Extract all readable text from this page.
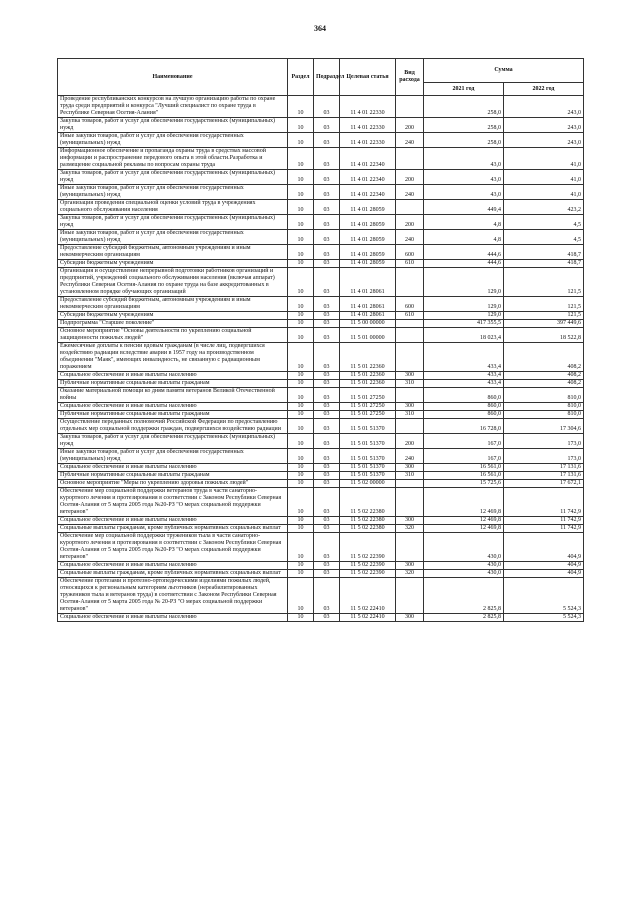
364
Наименование	Раздел	Подраздел	Целевая статья	Вид расхода	Сумма	
					2021 год	2022 год
Проведение республиканских конкурсов на лучшую организацию работы по охране труда среди предприятий и конкурса "Лучший специалист по охране труда в Республике Северная Осетия-Алания"	10	03	11 4 01 22330		258,0	243,0
Закупка товаров, работ и услуг для обеспечения государственных (муниципальных) нужд	10	03	11 4 01 22330	200	258,0	243,0
Иные закупки товаров, работ и услуг для обеспечения государственных (муниципальных) нужд	10	03	11 4 01 22330	240	258,0	243,0
Информационное обеспечение и пропаганда охраны труда в средствах массовой информации и распространение передового опыта в этой области.Разработка и размещение социальной рекламы по вопросам охраны труда	10	03	11 4 01 22340		43,0	41,0
Закупка товаров, работ и услуг для обеспечения государственных (муниципальных) нужд	10	03	11 4 01 22340	200	43,0	41,0
Иные закупки товаров, работ и услуг для обеспечения государственных (муниципальных) нужд	10	03	11 4 01 22340	240	43,0	41,0
Организация проведения специальной оценки условий труда в учреждениях социального обслуживания населения	10	03	11 4 01 28059		449,4	423,2
Закупка товаров, работ и услуг для обеспечения государственных (муниципальных) нужд	10	03	11 4 01 28059	200	4,8	4,5
Иные закупки товаров, работ и услуг для обеспечения государственных (муниципальных) нужд	10	03	11 4 01 28059	240	4,8	4,5
Предоставление субсидий бюджетным, автономным учреждениям и иным некоммерческим организациям	10	03	11 4 01 28059	600	444,6	418,7
Субсидии бюджетным учреждениям	10	03	11 4 01 28059	610	444,6	418,7
Организация и осуществление непрерывной подготовки работников организаций и предприятий, учреждений социального обслуживания населения (включая аппарат) Республики Северная Осетия-Алания по охране труда на базе аккредитованных в установленном порядке обучающих организаций	10	03	11 4 01 28061		129,0	121,5
Предоставление субсидий бюджетным, автономным учреждениям и иным некоммерческим организациям	10	03	11 4 01 28061	600	129,0	121,5
Субсидии бюджетным учреждениям	10	03	11 4 01 28061	610	129,0	121,5
Подпрограмма "Старшее поколение"	10	03	11 5 00 00000		417 355,5	397 449,6
Основное мероприятие "Основы деятельности по укреплению социальной защищенности пожилых людей"	10	03	11 5 01 00000		18 023,4	18 522,8
Ежемесячные доплаты к пенсии вдовым гражданам (в числе лиц, подвергшихся воздействию радиации вследствие аварии в 1957 году на производственном объединении "Маяк", имеющих инвалидность, не связанную с радиационным поражением	10	03	11 5 01 22360		433,4	408,2
Социальное обеспечение и иные выплаты населению	10	03	11 5 01 22360	300	433,4	408,2
Публичные нормативные социальные выплаты гражданам	10	03	11 5 01 22360	310	433,4	408,2
Оказание материальной помощи ко дням памяти ветеранов Великой Отечественной войны	10	03	11 5 01 27250		860,0	810,0
Социальное обеспечение и иные выплаты населению	10	03	11 5 01 27250	300	860,0	810,0
Публичные нормативные социальные выплаты гражданам	10	03	11 5 01 27250	310	860,0	810,0
Осуществление переданных полномочий Российской Федерации по предоставлению отдельных мер социальной поддержки граждан, подвергшихся воздействию радиации	10	03	11 5 01 51370		16 728,0	17 304,6
Закупка товаров, работ и услуг для обеспечения государственных (муниципальных) нужд	10	03	11 5 01 51370	200	167,0	173,0
Иные закупки товаров, работ и услуг для обеспечения государственных (муниципальных) нужд	10	03	11 5 01 51370	240	167,0	173,0
Социальное обеспечение и иные выплаты населению	10	03	11 5 01 51370	300	16 561,0	17 131,6
Публичные нормативные социальные выплаты гражданам	10	03	11 5 01 51370	310	16 561,0	17 131,6
Основное мероприятие "Меры по укреплению здоровья пожилых людей"	10	03	11 5 02 00000		15 725,6	17 672,1
Обеспечение мер социальной поддержки ветеранов труда в части санаторно-курортного лечения и протезирования в соответствии с Законом Республики Северная Осетия-Алания от 5 марта 2005 года №20-РЗ "О мерах социальной поддержки ветеранов"	10	03	11 5 02 22380		12 469,8	11 742,9
Социальное обеспечение и иные выплаты населению	10	03	11 5 02 22380	300	12 469,8	11 742,9
Социальные выплаты гражданам, кроме публичных нормативных социальных выплат	10	03	11 5 02 22380	320	12 469,8	11 742,9
Обеспечение мер социальной поддержки тружеников тыла в части санаторно-курортного лечения и протезирования в соответствии с Законом Республики Северная Осетия-Алания от 5 марта 2005 года №20-РЗ "О мерах социальной поддержки ветеранов"	10	03	11 5 02 22390		430,0	404,9
Социальное обеспечение и иные выплаты населению	10	03	11 5 02 22390	300	430,0	404,9
Социальные выплаты гражданам, кроме публичных нормативных социальных выплат	10	03	11 5 02 22390	320	430,0	404,9
Обеспечение протезами и протезно-ортопедическими изделиями пожилых людей, относящихся к региональным категориям льготников (нереабилитированных тружеников тыла и ветеранов труда) в соответствии с Законом Республики Северная Осетия-Алания от 5 марта 2005 года № 20-РЗ "О мерах социальной поддержки ветеранов"	10	03	11 5 02 22410		2 825,8	5 524,3
Социальное обеспечение и иные выплаты населению	10	03	11 5 02 22410	300	2 825,8	5 524,3
